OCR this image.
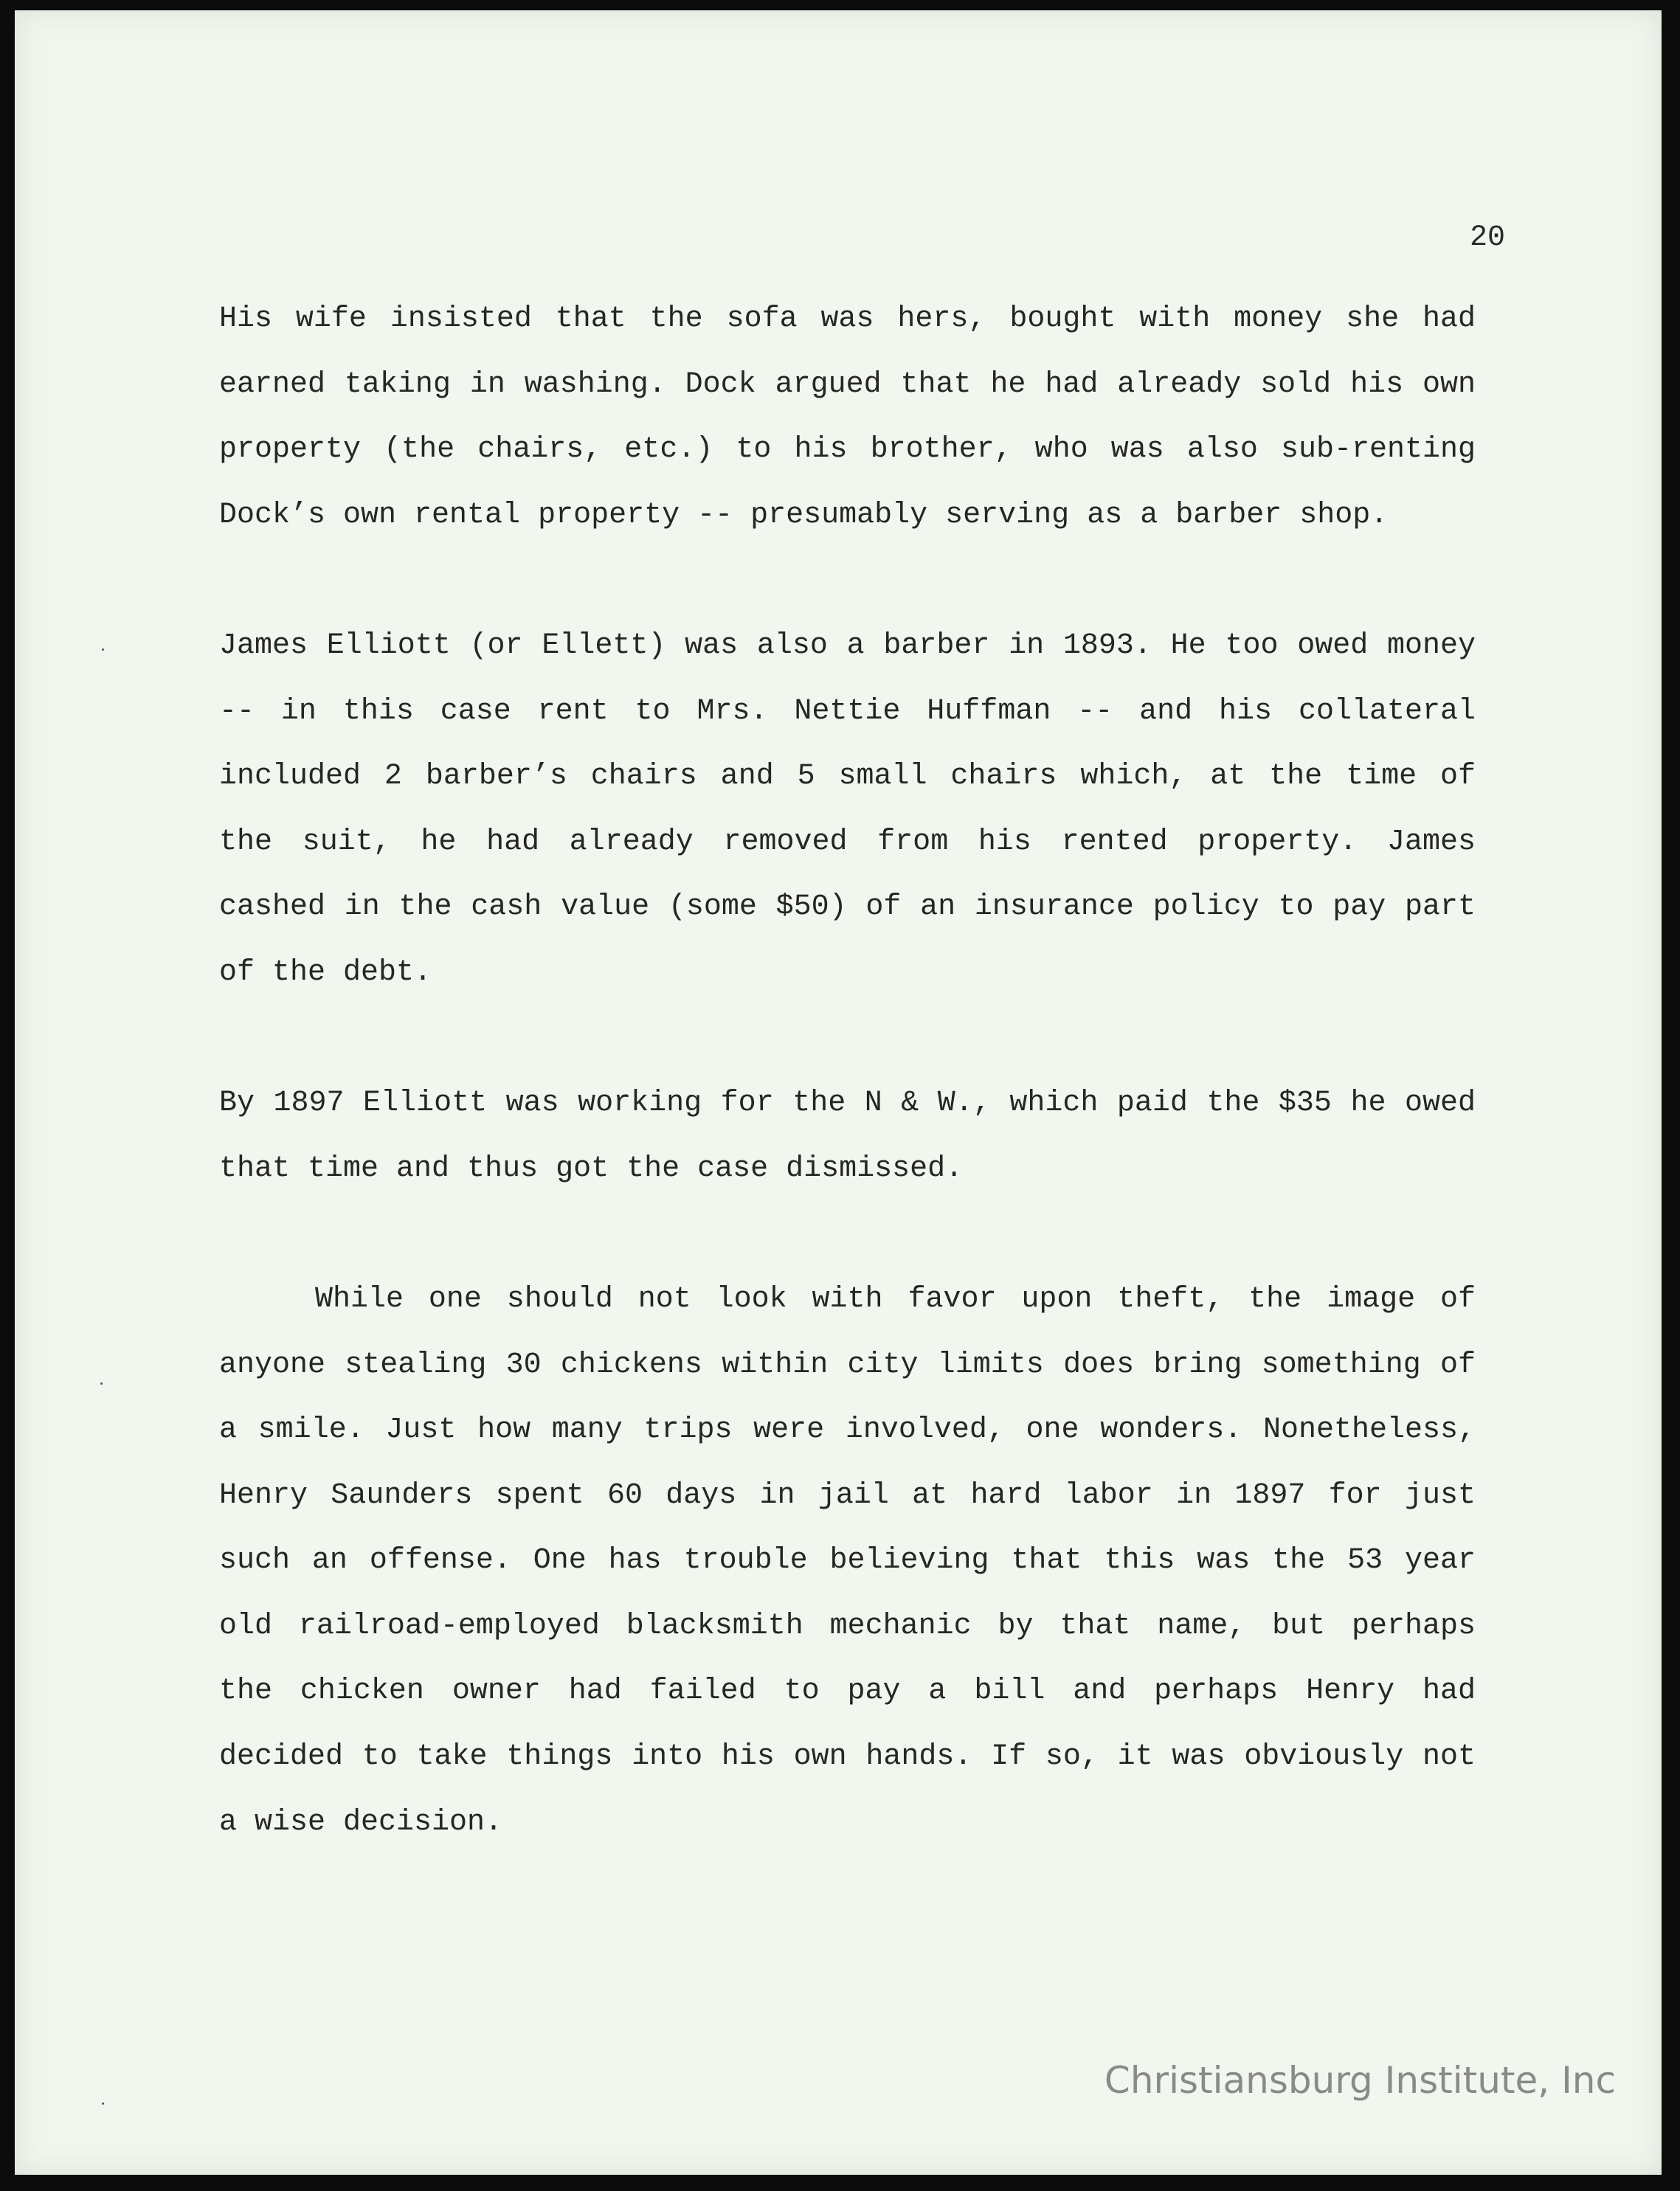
20

His wife insisted that the sofa was hers, bought with money she had earned taking in washing. Dock argued that he had already sold his own property (the chairs, etc.) to his brother, who was also sub-renting Dock’s own rental property -- presumably serving as a barber shop.

James Elliott (or Ellett) was also a barber in 1893. He too owed money -- in this case rent to Mrs. Nettie Huffman -- and his collateral included 2 barber’s chairs and 5 small chairs which, at the time of the suit, he had already removed from his rented property. James cashed in the cash value (some $50) of an insurance policy to pay part of the debt.

By 1897 Elliott was working for the N & W., which paid the $35 he owed that time and thus got the case dismissed.

While one should not look with favor upon theft, the image of anyone stealing 30 chickens within city limits does bring something of a smile. Just how many trips were involved, one wonders. Nonetheless, Henry Saunders spent 60 days in jail at hard labor in 1897 for just such an offense. One has trouble believing that this was the 53 year old railroad-employed blacksmith mechanic by that name, but perhaps the chicken owner had failed to pay a bill and perhaps Henry had decided to take things into his own hands. If so, it was obviously not a wise decision.

Christiansburg Institute, Inc
